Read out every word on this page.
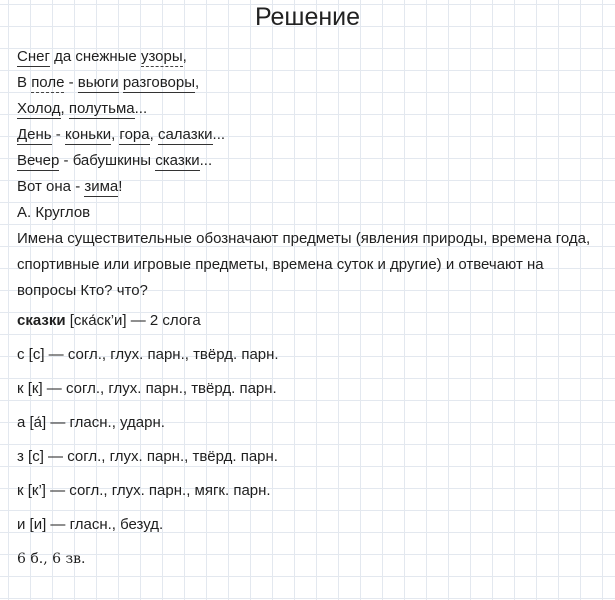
Решение
Снег да снежные узоры,
В поле - вьюги разговоры,
Холод, полутьма...
День - коньки, гора, салазки...
Вечер - бабушкины сказки...
Вот она - зима!
А. Круглов
Имена существительные обозначают предметы (явления природы, времена года, спортивные или игровые предметы, времена суток и другие) и отвечают на вопросы Кто? что?
сказки [ска́ск’и] — 2 слога
с [с] — согл., глух. парн., твёрд. парн.
к [к] — согл., глух. парн., твёрд. парн.
а [а́] — гласн., ударн.
з [с] — согл., глух. парн., твёрд. парн.
к [к’] — согл., глух. парн., мягк. парн.
и [и] — гласн., безуд.
6 б., 6 зв.
